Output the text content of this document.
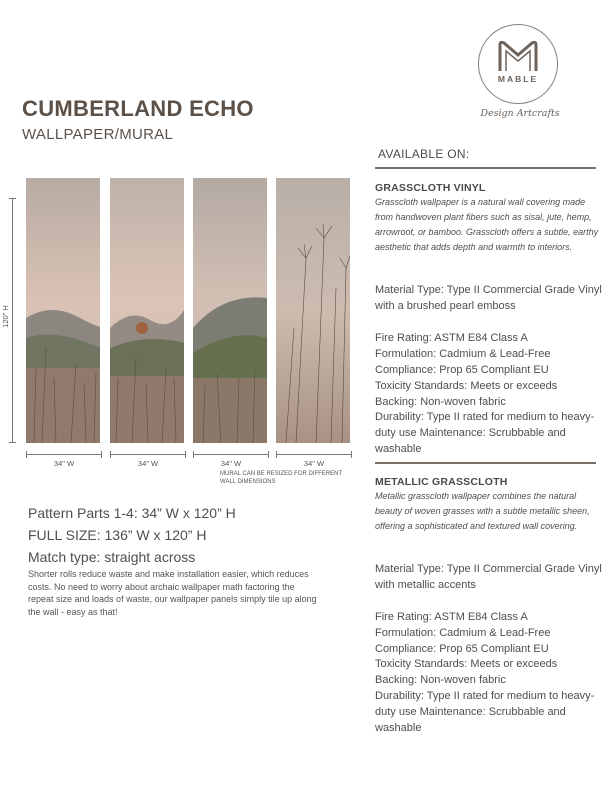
MABLE
Design Artcrafts
CUMBERLAND ECHO
WALLPAPER/MURAL
120" H
34" W	34" W	34" W	34" W
MURAL CAN BE RESIZED FOR DIFFERENT WALL DIMENSIONS
Pattern Parts 1-4: 34” W x 120” H
FULL SIZE: 136” W x 120” H
Match type: straight across
Shorter rolls reduce waste and make installation easier, which reduces costs. No need to worry about archaic wallpaper math factoring the repeat size and loads of waste, our wallpaper panels simply tile up along the wall - easy as that!
AVAILABLE ON:
GRASSCLOTH VINYL
Grasscloth wallpaper is a natural wall covering made from handwoven plant fibers such as sisal, jute, hemp, arrowroot, or bamboo. Grasscloth offers a subtle, earthy aesthetic that adds depth and warmth to interiors.
Material Type: Type II Commercial Grade Vinyl with a brushed pearl emboss
Fire Rating: ASTM E84 Class A
Formulation: Cadmium & Lead-Free
Compliance: Prop 65 Compliant EU
Toxicity Standards: Meets or exceeds
Backing: Non-woven fabric
Durability: Type II rated for medium to heavy-duty use Maintenance: Scrubbable and washable
METALLIC GRASSCLOTH
Metallic grasscloth wallpaper combines the natural beauty of woven grasses with a subtle metallic sheen, offering a sophisticated and textured wall covering.
Material Type: Type II Commercial Grade Vinyl with metallic accents
Fire Rating: ASTM E84 Class A
Formulation: Cadmium & Lead-Free
Compliance: Prop 65 Compliant EU
Toxicity Standards: Meets or exceeds
Backing: Non-woven fabric
Durability: Type II rated for medium to heavy-duty use Maintenance: Scrubbable and washable
